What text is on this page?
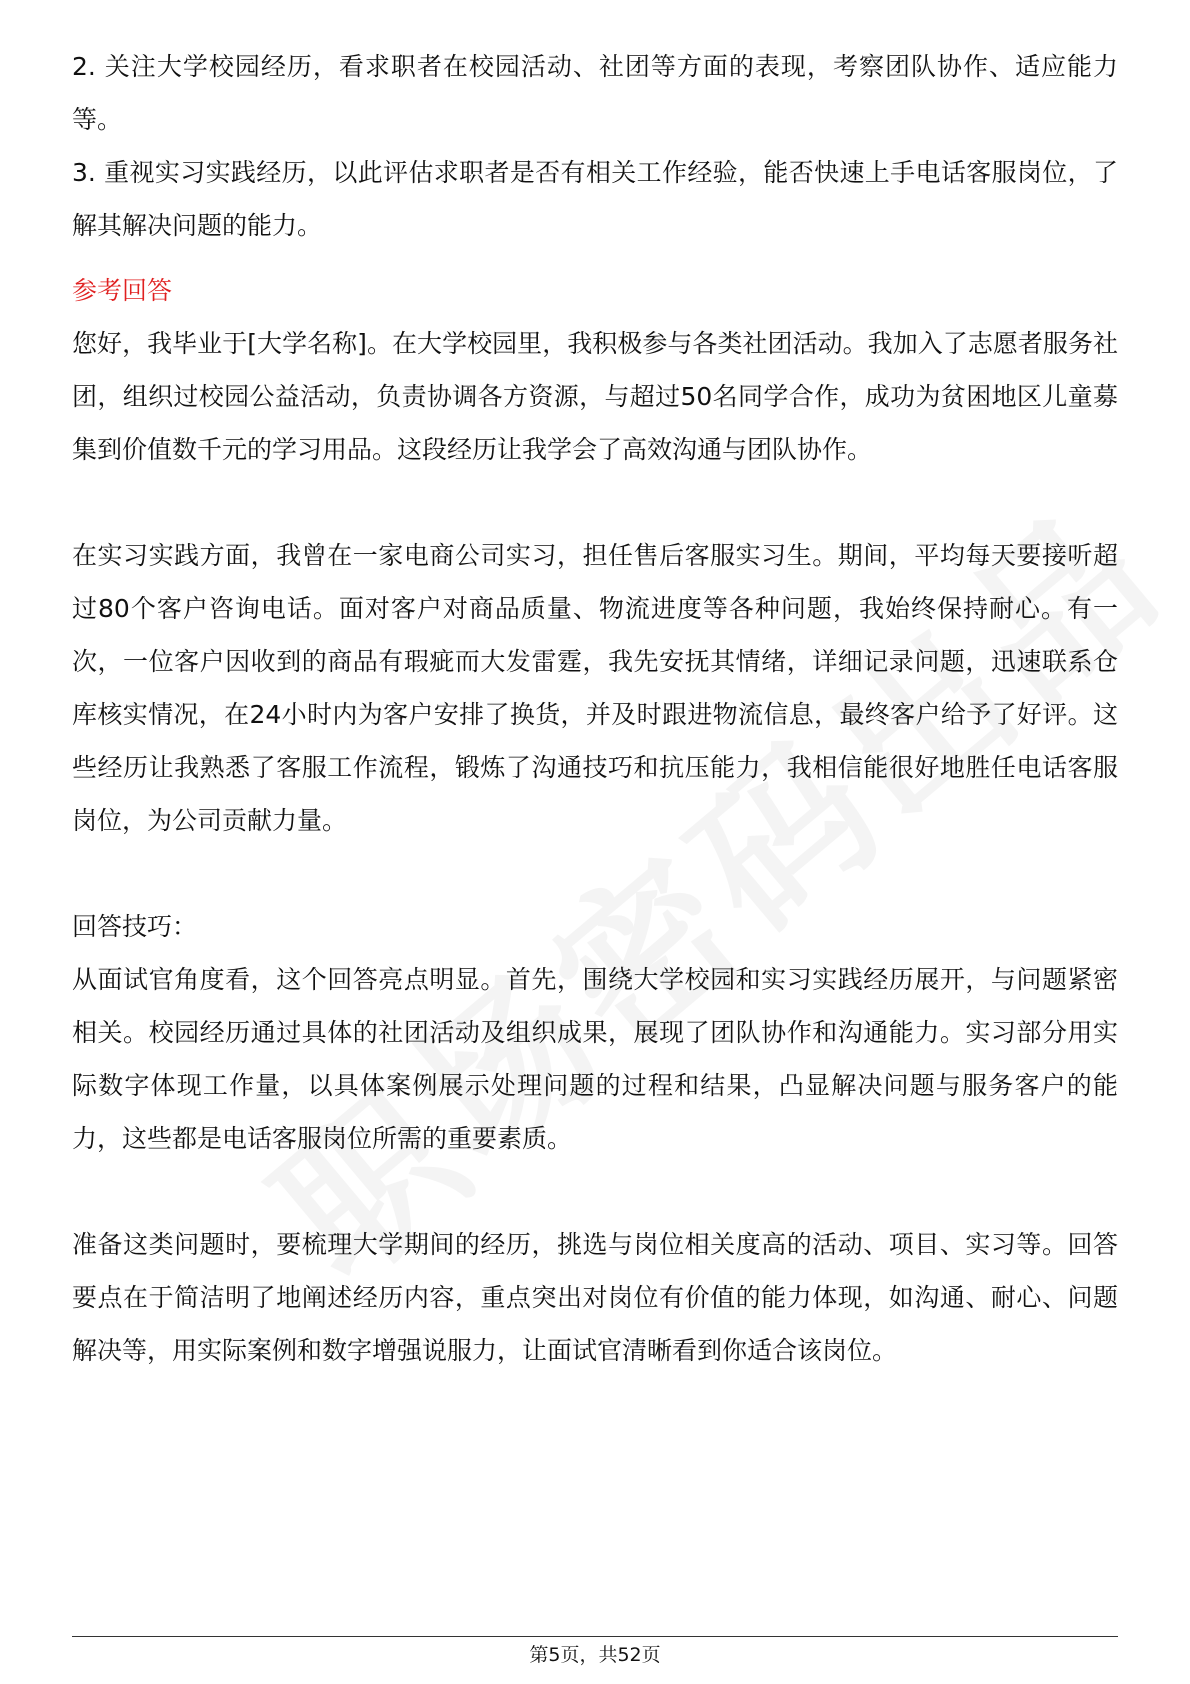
2. 关注大学校园经历，看求职者在校园活动、社团等方面的表现，考察团队协作、适应能力等。

3. 重视实习实践经历，以此评估求职者是否有相关工作经验，能否快速上手电话客服岗位，了解其解决问题的能力。

参考回答

您好，我毕业于[大学名称]。在大学校园里，我积极参与各类社团活动。我加入了志愿者服务社团，组织过校园公益活动，负责协调各方资源，与超过50名同学合作，成功为贫困地区儿童募集到价值数千元的学习用品。这段经历让我学会了高效沟通与团队协作。

在实习实践方面，我曾在一家电商公司实习，担任售后客服实习生。期间，平均每天要接听超过80个客户咨询电话。面对客户对商品质量、物流进度等各种问题，我始终保持耐心。有一次，一位客户因收到的商品有瑕疵而大发雷霆，我先安抚其情绪，详细记录问题，迅速联系仓库核实情况，在24小时内为客户安排了换货，并及时跟进物流信息，最终客户给予了好评。这些经历让我熟悉了客服工作流程，锻炼了沟通技巧和抗压能力，我相信能很好地胜任电话客服岗位，为公司贡献力量。

回答技巧：

从面试官角度看，这个回答亮点明显。首先，围绕大学校园和实习实践经历展开，与问题紧密相关。校园经历通过具体的社团活动及组织成果，展现了团队协作和沟通能力。实习部分用实际数字体现工作量，以具体案例展示处理问题的过程和结果，凸显解决问题与服务客户的能力，这些都是电话客服岗位所需的重要素质。

准备这类问题时，要梳理大学期间的经历，挑选与岗位相关度高的活动、项目、实习等。回答要点在于简洁明了地阐述经历内容，重点突出对岗位有价值的能力体现，如沟通、耐心、问题解决等，用实际案例和数字增强说服力，让面试官清晰看到你适合该岗位。

第5页，共52页
